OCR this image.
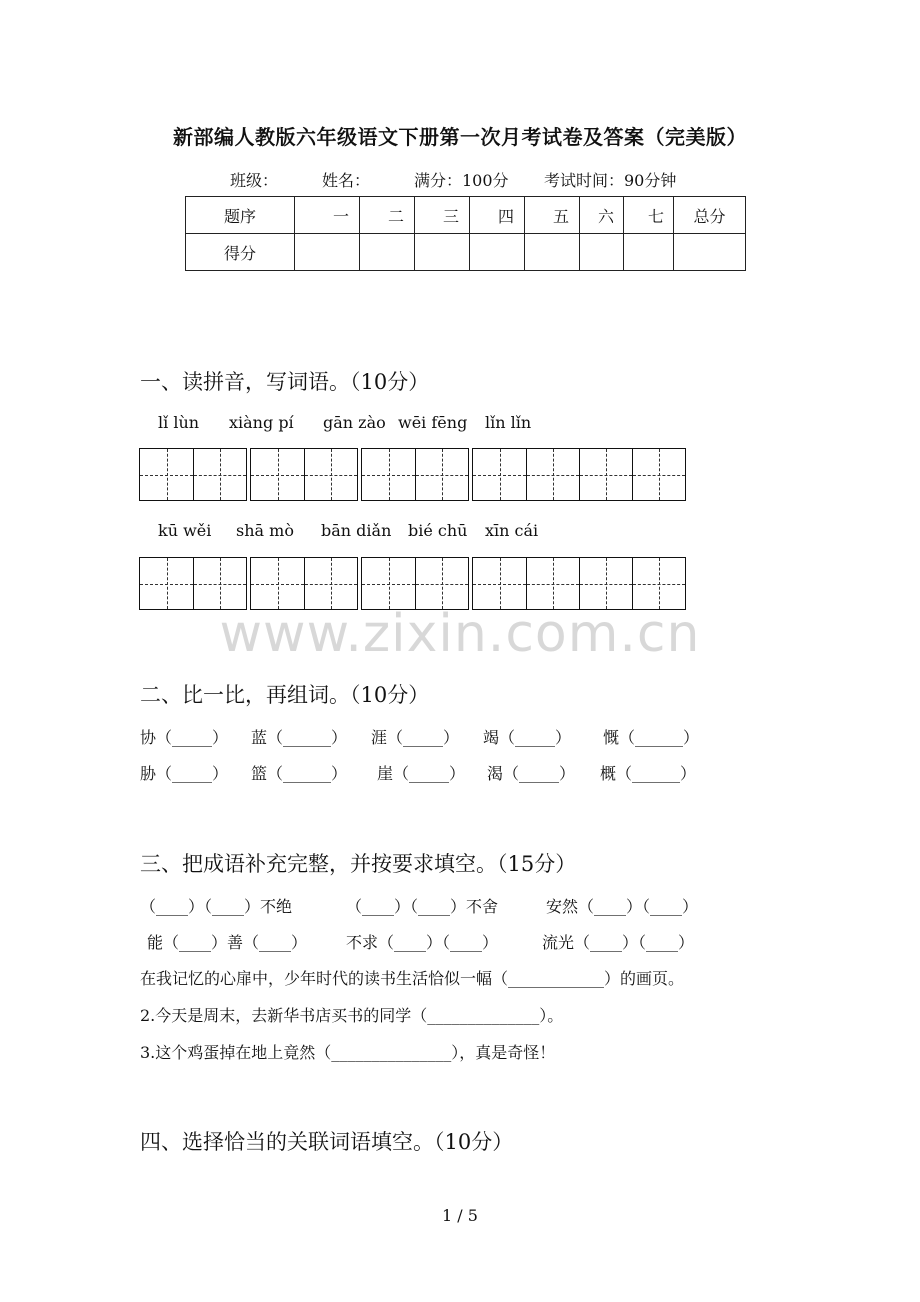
新部编人教版六年级语文下册第一次月考试卷及答案（完美版）
班级：	姓名：	满分：100分 考试时间：90分钟
题序	一	二	三	四	五	六	七	总分
得分								
一、读拼音，写词语。（10分）
lǐ lùn xiàng pí gān zào wēi fēng lǐn lǐn
kū wěi shā mò bān diǎn bié chū xīn cái
www.zixin.com.cn
二、比一比，再组词。（10分）
协（_____） 蓝（______） 涯（_____） 竭（_____） 慨（______）
胁（_____） 篮（______） 崖（_____） 渴（_____） 概（______）
三、把成语补充完整，并按要求填空。（15分）
（____）（____）不绝	（____）（____）不舍	安然（____）（____）
能（____）善（____） 不求（____）（____）	流光（____）（____）
在我记忆的心扉中，少年时代的读书生活恰似一幅（____________）的画页。
2.今天是周末，去新华书店买书的同学（______________）。
3.这个鸡蛋掉在地上竟然（_______________），真是奇怪！
四、选择恰当的关联词语填空。（10分）
1 / 5
